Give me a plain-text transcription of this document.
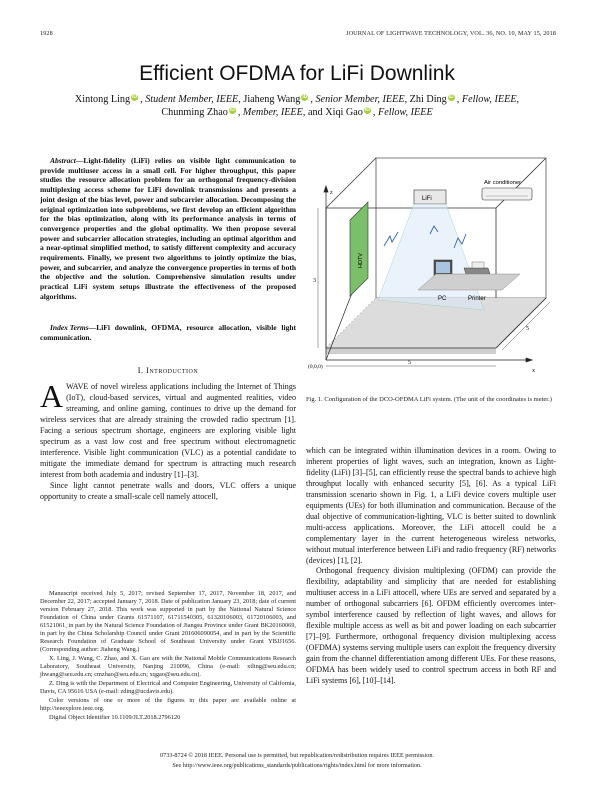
1928	JOURNAL OF LIGHTWAVE TECHNOLOGY, VOL. 36, NO. 10, MAY 15, 2018
Efficient OFDMA for LiFi Downlink
Xintong Ling iD , Student Member, IEEE, Jiaheng Wang iD , Senior Member, IEEE, Zhi Ding iD , Fellow, IEEE,
Chunming Zhao iD , Member, IEEE, and Xiqi Gao iD , Fellow, IEEE
Abstract—Light-fidelity (LiFi) relies on visible light communication to provide multiuser access in a small cell. For higher throughput, this paper studies the resource allocation problem for an orthogonal frequency-division multiplexing access scheme for LiFi downlink transmissions and presents a joint design of the bias level, power and subcarrier allocation. Decomposing the original optimization into subproblems, we first develop an efficient algorithm for the bias optimization, along with its performance analysis in terms of convergence properties and the global optimality. We then propose several power and subcarrier allocation strategies, including an optimal algorithm and a near-optimal simplified method, to satisfy different complexity and accuracy requirements. Finally, we present two algorithms to jointly optimize the bias, power, and subcarrier, and analyze the convergence properties in terms of both the objective and the solution. Comprehensive simulation results under practical LiFi system setups illustrate the effectiveness of the proposed algorithms.
Index Terms—LiFi downlink, OFDMA, resource allocation, visible light communication.
I. Introduction

AWAVE of novel wireless applications including the Internet of Things (IoT), cloud-based services, virtual and augmented realities, video streaming, and online gaming, continues to drive up the demand for wireless services that are already straining the crowded radio spectrum [1]. Facing a serious spectrum shortage, engineers are exploring visible light spectrum as a vast low cost and free spectrum without electromagnetic interference. Visible light communication (VLC) as a potential candidate to mitigate the immediate demand for spectrum is attracting much research interest from both academia and industry [1]–[3].

Since light cannot penetrate walls and doors, VLC offers a unique opportunity to create a small-scale cell namely attocell,

Manuscript received July 5, 2017; revised September 17, 2017, November 18, 2017, and December 22, 2017; accepted January 7, 2018. Date of publication January 23, 2018; date of current version February 27, 2018. This work was supported in part by the National Natural Science Foundation of China under Grants 61571107, 61711540305, 61320106003, 61720106003, and 61521061, in part by the Natural Science Foundation of Jiangsu Province under Grant BK20160069, in part by the China Scholarship Council under Grant 201606090054, and in part by the Scientific Research Foundation of Graduate School of Southeast University under Grant YBJJ1656. (Corresponding author: Jiaheng Wang.)

X. Ling, J. Wang, C. Zhao, and X. Gao are with the National Mobile Communications Research Laboratory, Southeast University, Nanjing 210096, China (e-mail: xtling@seu.edu.cn; jhwang@seu.edu.cn; cmzhao@seu.edu.cn; xqgao@seu.edu.cn).

Z. Ding is with the Department of Electrical and Computer Engineering, University of California, Davis, CA 95616 USA (e-mail: zding@ucdavis.edu).

Color versions of one or more of the figures in this paper are available online at http://ieeexplore.ieee.org.

Digital Object Identifier 10.1109/JLT.2018.2796120

z
x
(0,0,0)
3
5
5
HDTV
LiFi
Air conditioner
PC	Printer
Fig. 1. Configuration of the DCO-OFDMA LiFi system. (The unit of the coordinates is meter.)

which can be integrated within illumination devices in a room. Owing to inherent properties of light waves, such an integration, known as Light-fidelity (LiFi) [3]–[5], can efficiently reuse the spectral bands to achieve high throughput locally with enhanced security [5], [6]. As a typical LiFi transmission scenario shown in Fig. 1, a LiFi device covers multiple user equipments (UEs) for both illumination and communication. Because of the dual objective of communication-lighting, VLC is better suited to downlink multi-access applications. Moreover, the LiFi attocell could be a complementary layer in the current heterogeneous wireless networks, without mutual interference between LiFi and radio frequency (RF) networks (devices) [1], [2].

Orthogonal frequency division multiplexing (OFDM) can provide the flexibility, adaptability and simplicity that are needed for establishing multiuser access in a LiFi attocell, where UEs are served and separated by a number of orthogonal subcarriers [6]. OFDM efficiently overcomes inter-symbol interference caused by reflection of light waves, and allows for flexible multiple access as well as bit and power loading on each subcarrier [7]–[9]. Furthermore, orthogonal frequency division multiplexing access (OFDMA) systems serving multiple users can exploit the frequency diversity gain from the channel differentiation among different UEs. For these reasons, OFDMA has been widely used to control spectrum access in both RF and LiFi systems [6], [10]–[14].

0733-8724 © 2018 IEEE. Personal use is permitted, but republication/redistribution requires IEEE permission.
See http://www.ieee.org/publications_standards/publications/rights/index.html for more information.
